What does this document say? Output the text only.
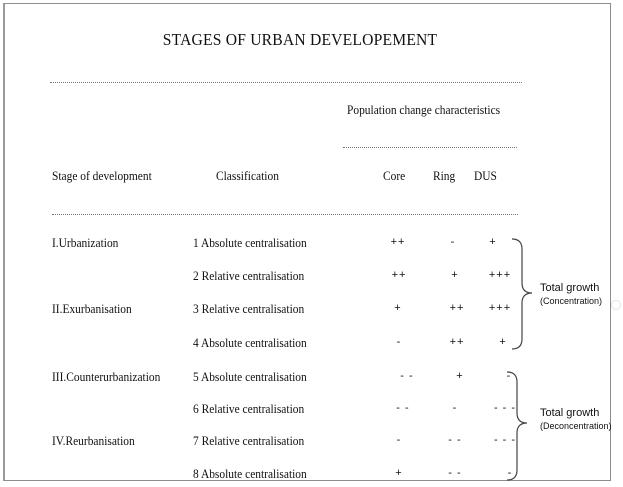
STAGES OF URBAN DEVELOPEMENT
Population change characteristics
Stage of development	Classification	Core Ring DUS
I.Urbanization	1 Absolute centralisation	++	-	+
2 Relative centralisation	++	+	+++
II.Exurbanisation	3 Relative centralisation	+	++	+++
4 Absolute centralisation	-	++	+
III.Counterurbanization	5 Absolute centralisation	- -	+	-
6 Relative centralisation	- -	-	- - -
IV.Reurbanisation	7 Relative centralisation	-	- -	- - -
8 Absolute centralisation	+	- -	-
Total growth
(Concentration)
Total growth
(Deconcentration)
